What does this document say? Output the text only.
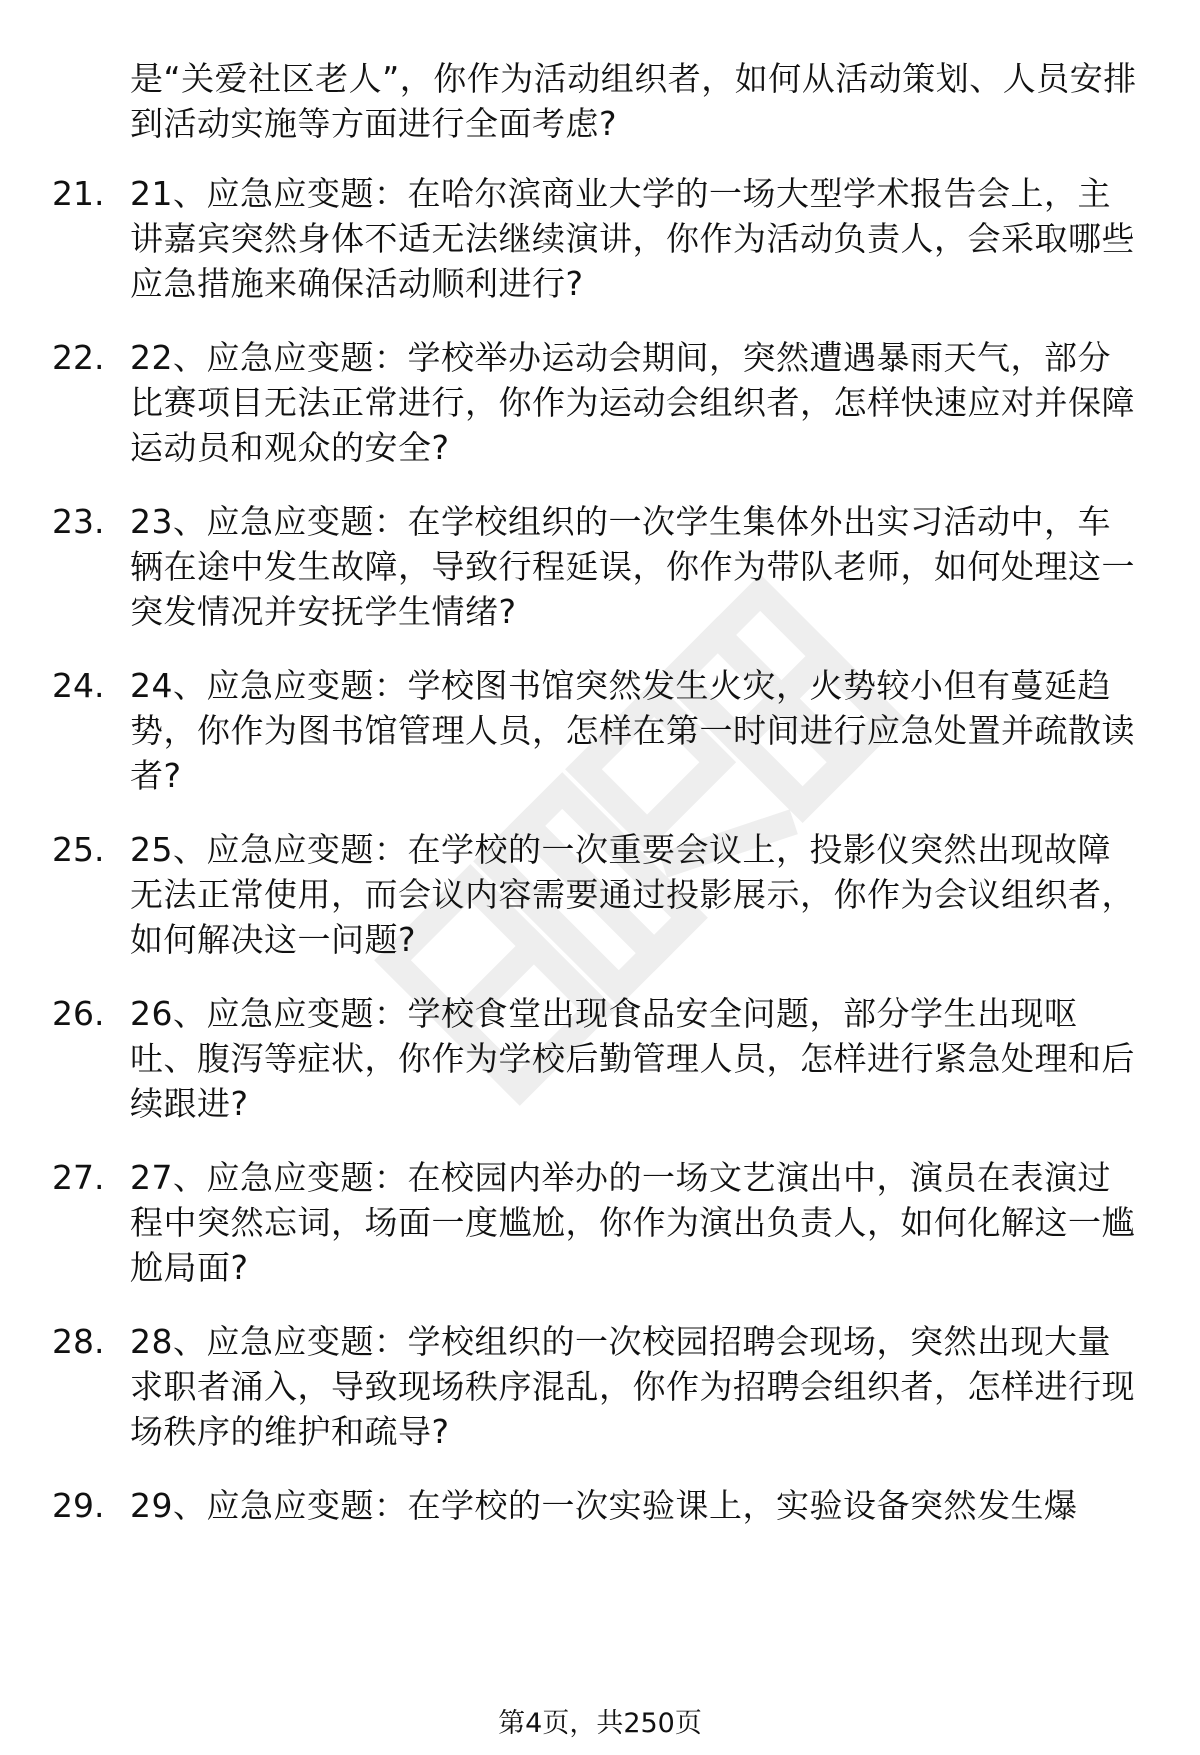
是“关爱社区老人”，你作为活动组织者，如何从活动策划、人员安排到活动实施等方面进行全面考虑?
21. 21、应急应变题：在哈尔滨商业大学的一场大型学术报告会上，主讲嘉宾突然身体不适无法继续演讲，你作为活动负责人，会采取哪些应急措施来确保活动顺利进行?
22. 22、应急应变题：学校举办运动会期间，突然遭遇暴雨天气，部分比赛项目无法正常进行，你作为运动会组织者，怎样快速应对并保障运动员和观众的安全?
23. 23、应急应变题：在学校组织的一次学生集体外出实习活动中，车辆在途中发生故障，导致行程延误，你作为带队老师，如何处理这一突发情况并安抚学生情绪?
24. 24、应急应变题：学校图书馆突然发生火灾，火势较小但有蔓延趋势，你作为图书馆管理人员，怎样在第一时间进行应急处置并疏散读者?
25. 25、应急应变题：在学校的一次重要会议上，投影仪突然出现故障无法正常使用，而会议内容需要通过投影展示，你作为会议组织者，如何解决这一问题?
26. 26、应急应变题：学校食堂出现食品安全问题，部分学生出现呕吐、腹泻等症状，你作为学校后勤管理人员，怎样进行紧急处理和后续跟进?
27. 27、应急应变题：在校园内举办的一场文艺演出中，演员在表演过程中突然忘词，场面一度尴尬，你作为演出负责人，如何化解这一尴尬局面?
28. 28、应急应变题：学校组织的一次校园招聘会现场，突然出现大量求职者涌入，导致现场秩序混乱，你作为招聘会组织者，怎样进行现场秩序的维护和疏导?
29. 29、应急应变题：在学校的一次实验课上，实验设备突然发生爆
第4页，共250页
